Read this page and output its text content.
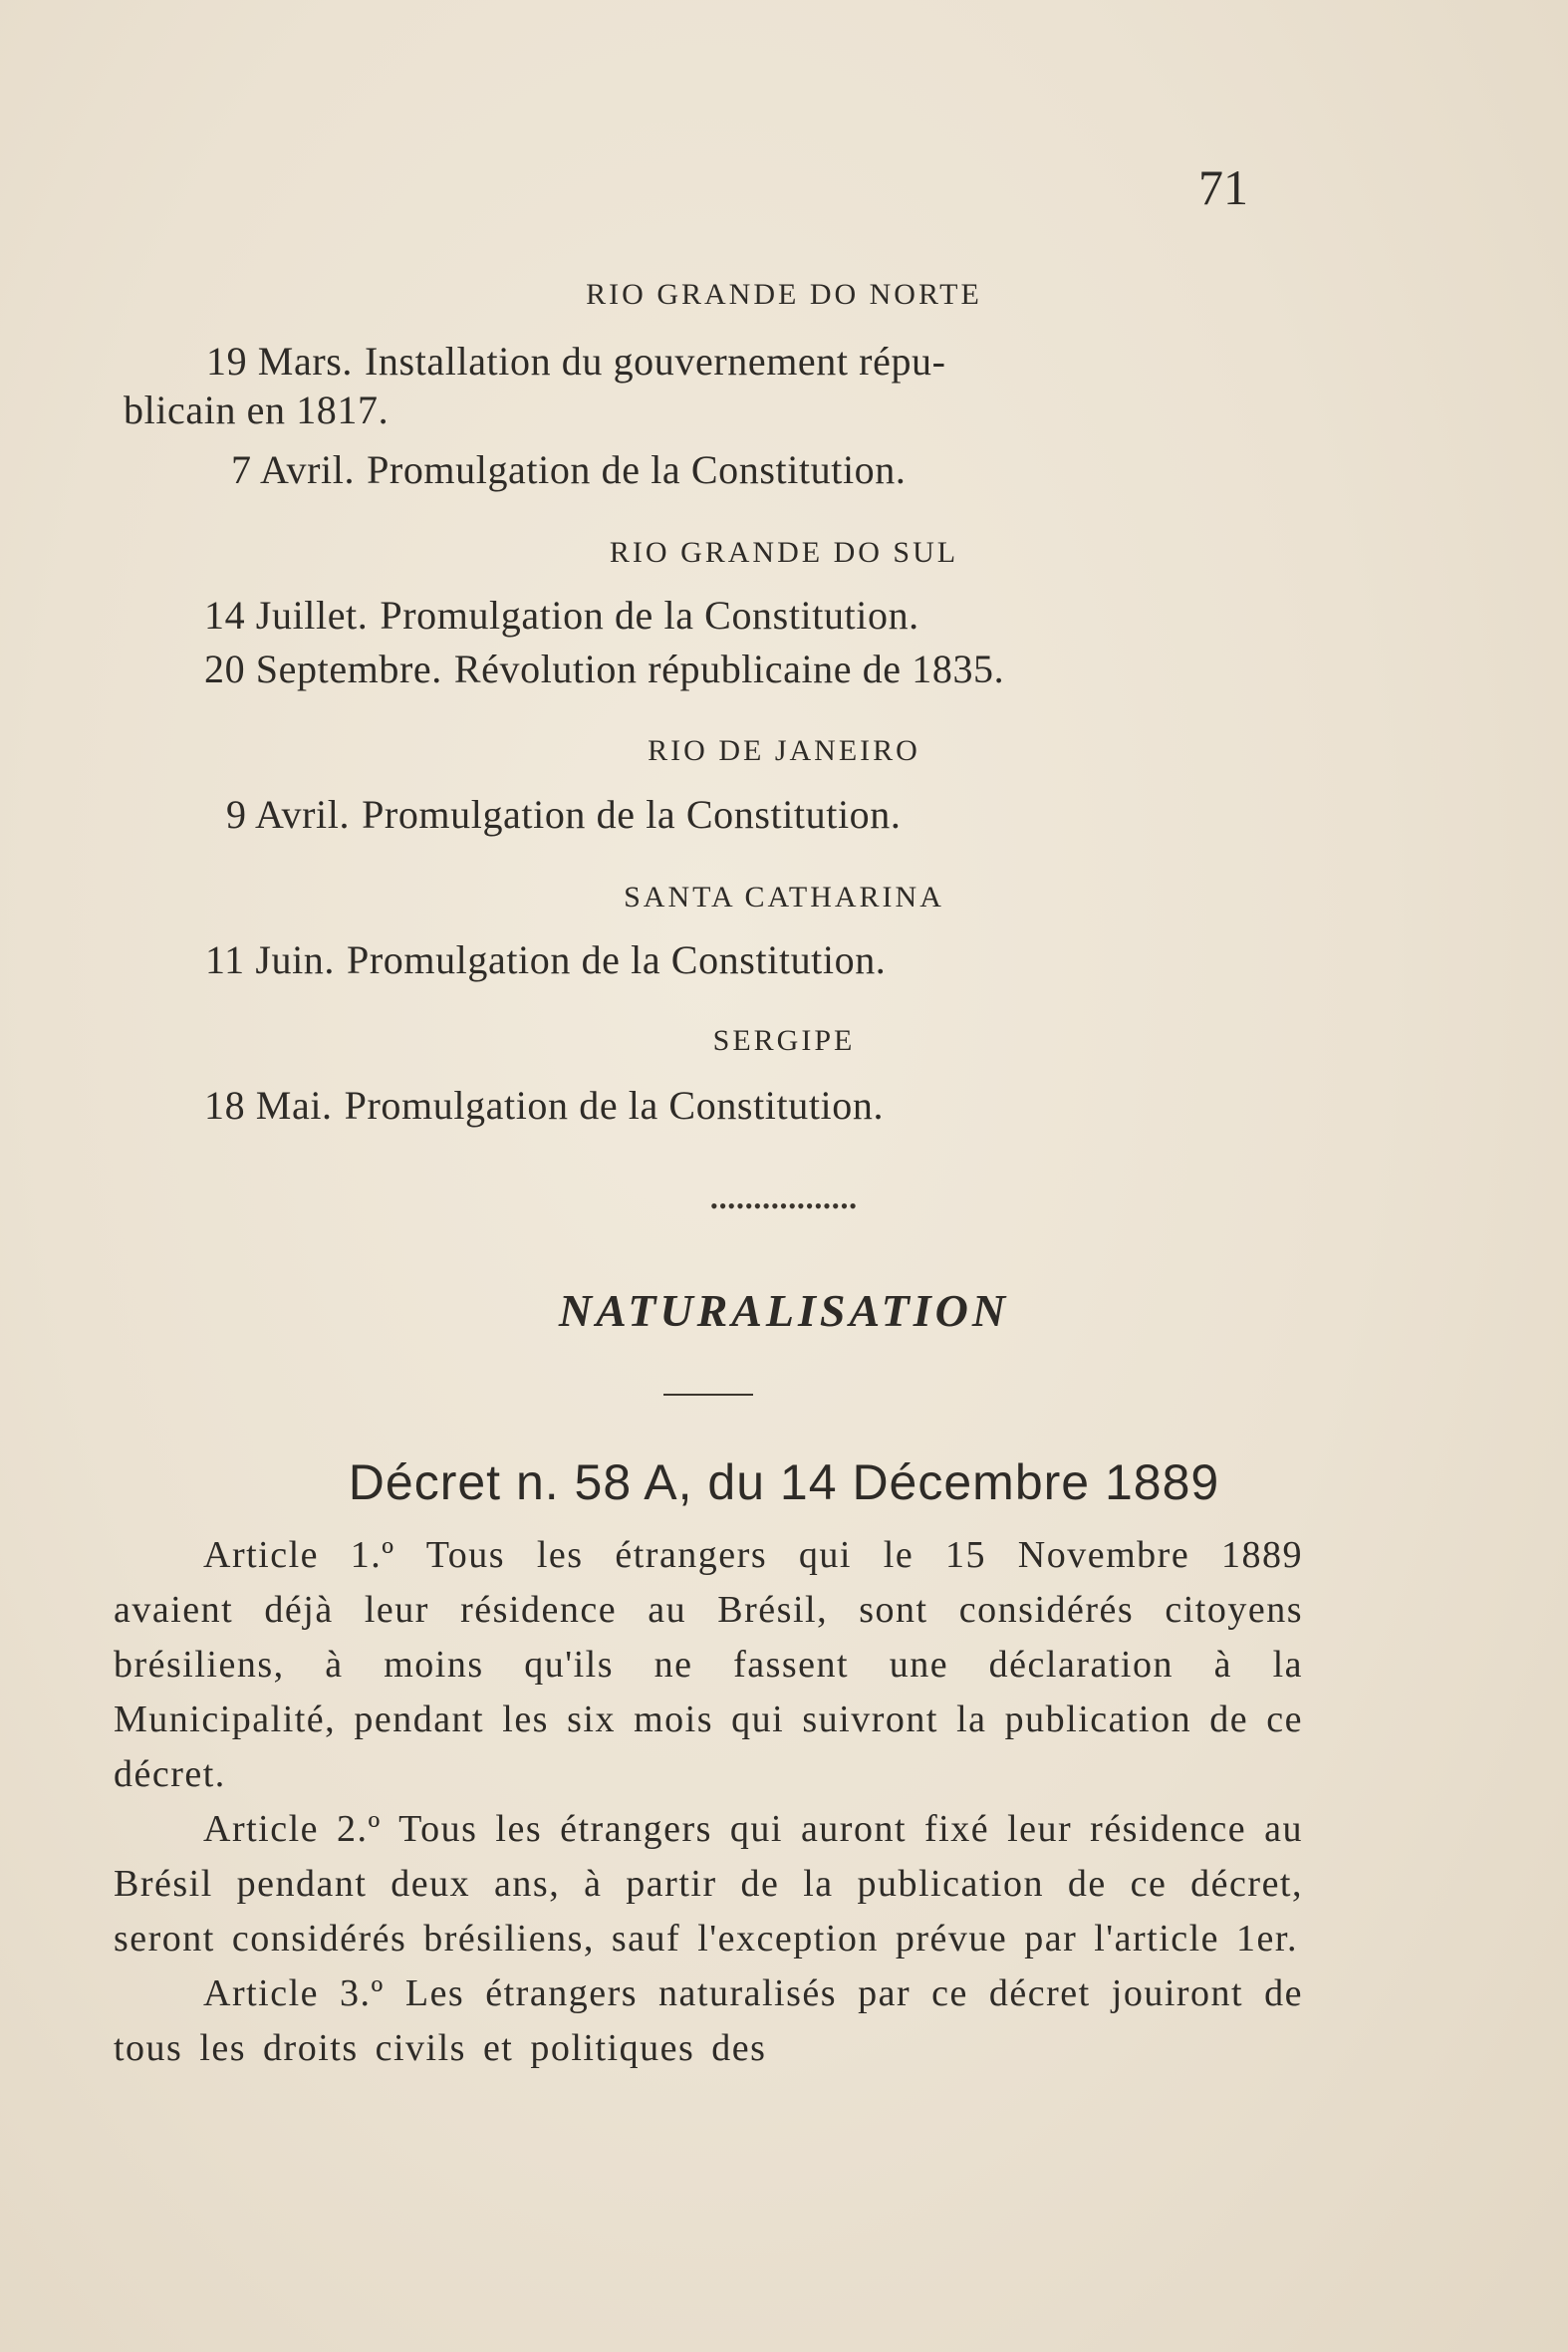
71
RIO GRANDE DO NORTE
19 Mars. Installation du gouvernement répu-
blicain en 1817.
7 Avril. Promulgation de la Constitution.
RIO GRANDE DO SUL
14 Juillet. Promulgation de la Constitution.
20 Septembre. Révolution républicaine de 1835.
RIO DE JANEIRO
9 Avril. Promulgation de la Constitution.
SANTA CATHARINA
11 Juin. Promulgation de la Constitution.
SERGIPE
18 Mai. Promulgation de la Constitution.
•••••••••••••••••
NATURALISATION
Décret n. 58 A, du 14 Décembre 1889

Article 1.º Tous les étrangers qui le 15 Novembre 1889 avaient déjà leur résidence au Brésil, sont considérés citoyens brésiliens, à moins qu'ils ne fassent une déclaration à la Municipalité, pendant les six mois qui suivront la publication de ce décret.

Article 2.º Tous les étrangers qui auront fixé leur résidence au Brésil pendant deux ans, à partir de la publication de ce décret, seront considérés brésiliens, sauf l'exception prévue par l'article 1er.

Article 3.º Les étrangers naturalisés par ce décret jouiront de tous les droits civils et politiques des
